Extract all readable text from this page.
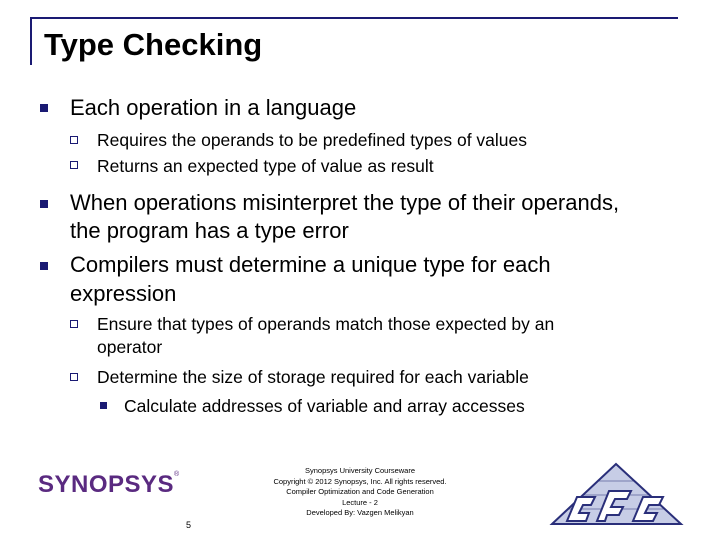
Type Checking
Each operation in a language
Requires the operands to be predefined types of values
Returns an expected type of value as result
When operations misinterpret the type of their operands,
the program has a type error
Compilers must determine a unique type for each
expression
Ensure that types of operands match those expected by an
operator
Determine the size of storage required for each variable
Calculate addresses of variable and array accesses
SYNOPSYS®	Synopsys University Courseware
Copyright © 2012 Synopsys, Inc. All rights reserved.
Compiler Optimization and Code Generation
Lecture - 2
Developed By: Vazgen Melikyan
5
